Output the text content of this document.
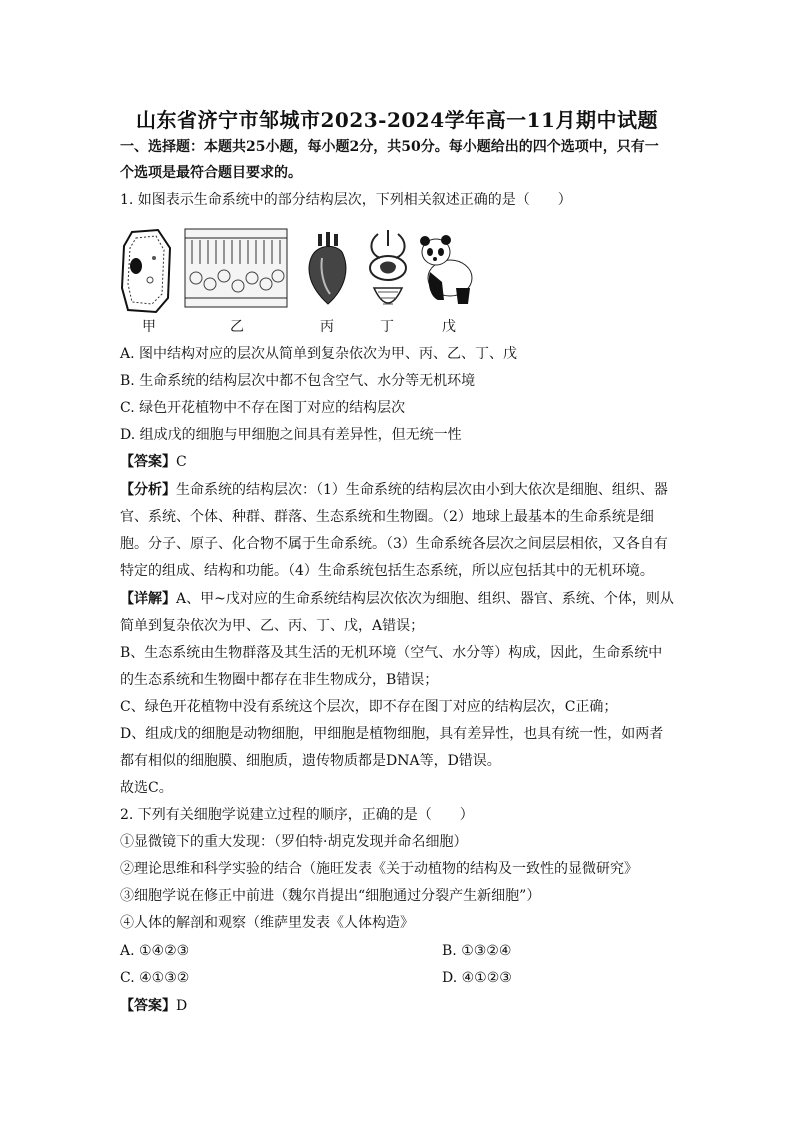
山东省济宁市邹城市2023-2024学年高一11月期中试题
一、选择题：本题共25小题，每小题2分，共50分。每小题给出的四个选项中，只有一
个选项是最符合题目要求的。
1. 如图表示生命系统中的部分结构层次，下列相关叙述正确的是（　　）
甲	乙	丙	丁	戊
A. 图中结构对应的层次从简单到复杂依次为甲、丙、乙、丁、戊
B. 生命系统的结构层次中都不包含空气、水分等无机环境
C. 绿色开花植物中不存在图丁对应的结构层次
D. 组成戊的细胞与甲细胞之间具有差异性，但无统一性
【答案】C
【分析】生命系统的结构层次：（1）生命系统的结构层次由小到大依次是细胞、组织、器
官、系统、个体、种群、群落、生态系统和生物圈。（2）地球上最基本的生命系统是细
胞。分子、原子、化合物不属于生命系统。（3）生命系统各层次之间层层相依，又各自有
特定的组成、结构和功能。（4）生命系统包括生态系统，所以应包括其中的无机环境。
【详解】A、甲~戊对应的生命系统结构层次依次为细胞、组织、器官、系统、个体，则从
简单到复杂依次为甲、乙、丙、丁、戊，A错误；
B、生态系统由生物群落及其生活的无机环境（空气、水分等）构成，因此，生命系统中
的生态系统和生物圈中都存在非生物成分，B错误；
C、绿色开花植物中没有系统这个层次，即不存在图丁对应的结构层次，C正确；
D、组成戊的细胞是动物细胞，甲细胞是植物细胞，具有差异性，也具有统一性，如两者
都有相似的细胞膜、细胞质，遗传物质都是DNA等，D错误。
故选C。
2. 下列有关细胞学说建立过程的顺序，正确的是（　　）
①显微镜下的重大发现：（罗伯特·胡克发现并命名细胞）
②理论思维和科学实验的结合（施旺发表《关于动植物的结构及一致性的显微研究》
③细胞学说在修正中前进（魏尔肖提出“细胞通过分裂产生新细胞”）
④人体的解剖和观察（维萨里发表《人体构造》
A. ①④②③	B. ①③②④
C. ④①③②	D. ④①②③
【答案】D
